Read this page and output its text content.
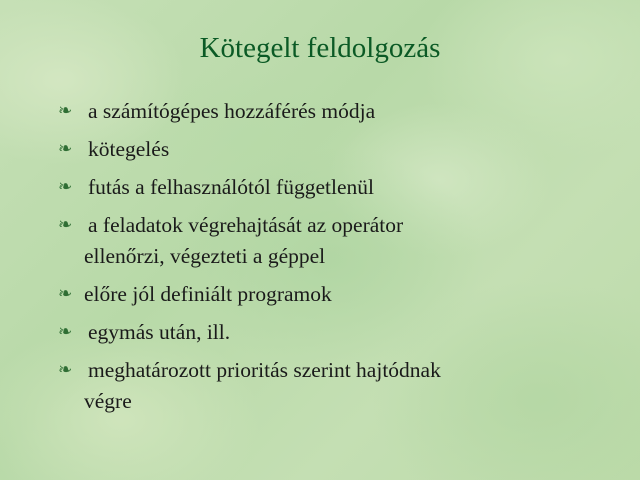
Kötegelt feldolgozás
❧ a számítógépes hozzáférés módja
❧ kötegelés
❧ futás a felhasználótól függetlenül
❧ a feladatok végrehajtását az operátor
ellenőrzi, végezteti a géppel
❧ előre jól definiált programok
❧ egymás után, ill.
❧ meghatározott prioritás szerint hajtódnak
végre
